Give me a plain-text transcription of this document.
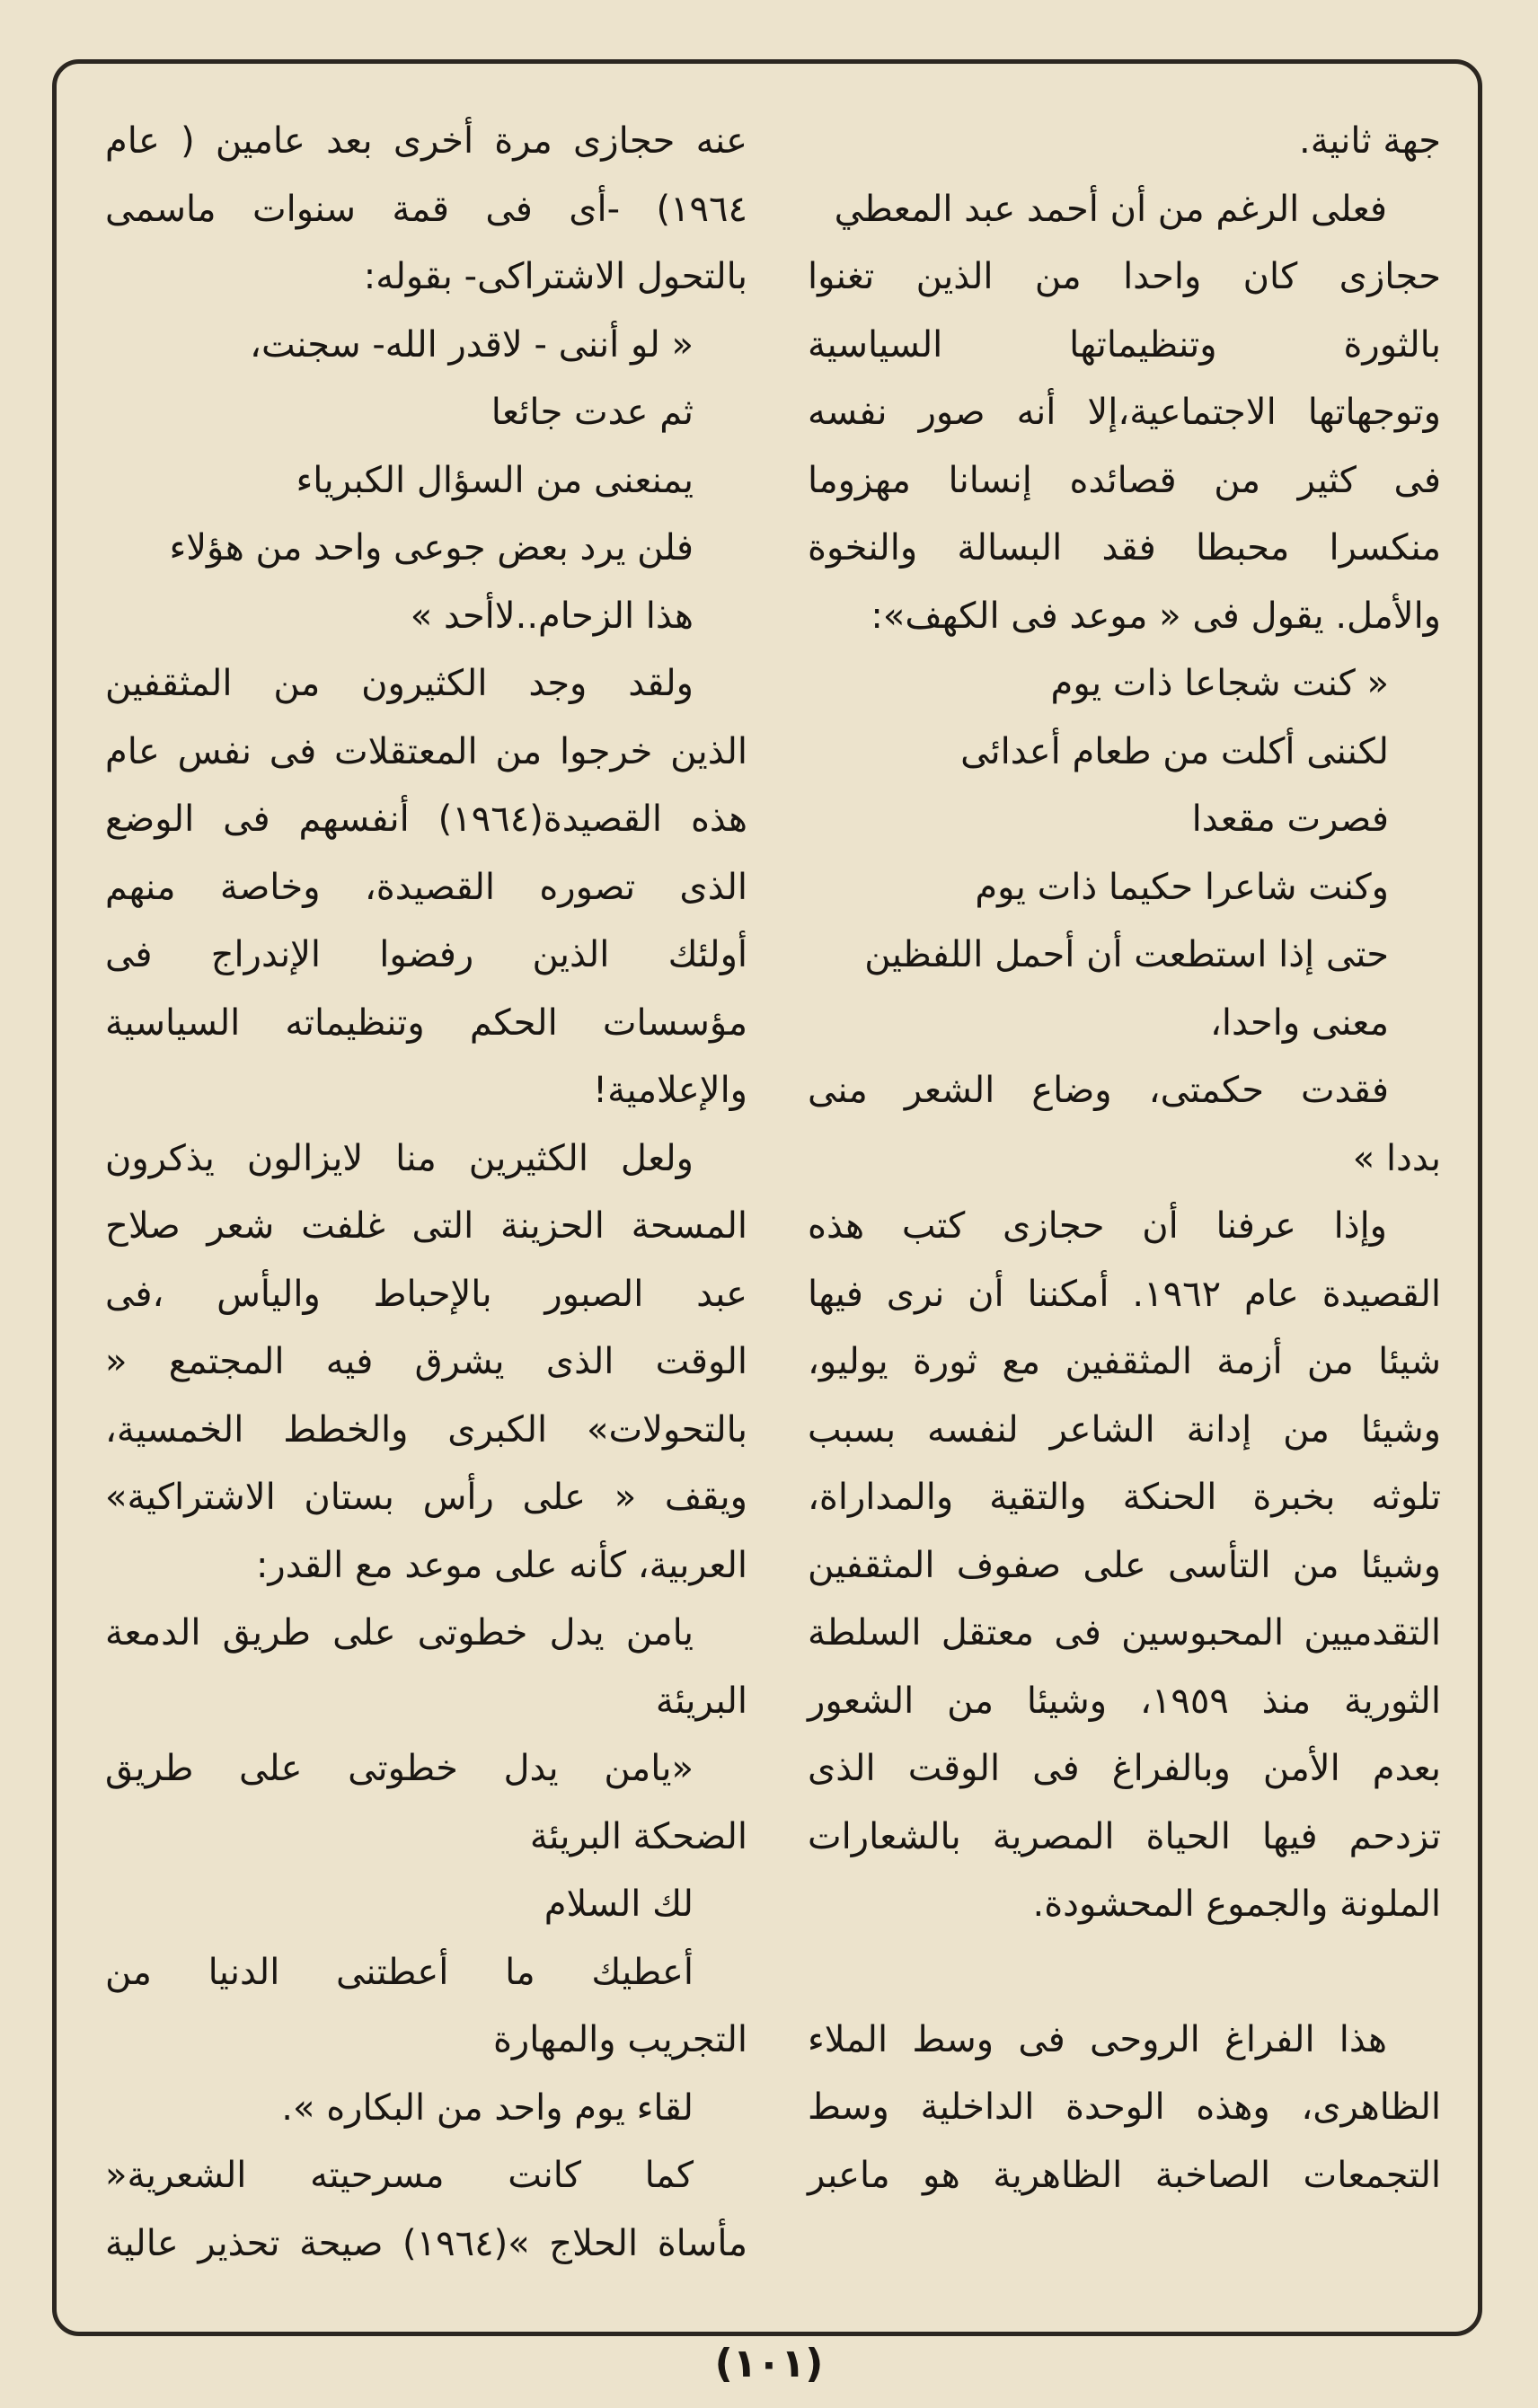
جهة ثانية.

فعلى الرغم من أن أحمد عبد المعطي

حجازى كان واحدا من الذين تغنوا

بالثورة وتنظيماتها السياسية

وتوجهاتها الاجتماعية،إلا أنه صور نفسه

فى كثير من قصائده إنسانا مهزوما

منكسرا محبطا فقد البسالة والنخوة

والأمل. يقول فى « موعد فى الكهف»:

« كنت شجاعا ذات يوم

لكننى أكلت من طعام أعدائى

فصرت مقعدا

وكنت شاعرا حكيما ذات يوم

حتى إذا استطعت أن أحمل اللفظين

معنى واحدا،

فقدت حكمتى، وضاع الشعر منى

بددا »

وإذا عرفنا أن حجازى كتب هذه

القصيدة عام ١٩٦٢. أمكننا أن نرى فيها

شيئا من أزمة المثقفين مع ثورة يوليو،

وشيئا من إدانة الشاعر لنفسه بسبب

تلوثه بخبرة الحنكة والتقية والمداراة،

وشيئا من التأسى على صفوف المثقفين

التقدميين المحبوسين فى معتقل السلطة

الثورية منذ ١٩٥٩، وشيئا من الشعور

بعدم الأمن وبالفراغ فى الوقت الذى

تزدحم فيها الحياة المصرية بالشعارات

الملونة والجموع المحشودة.

هذا الفراغ الروحى فى وسط الملاء

الظاهرى، وهذه الوحدة الداخلية وسط

التجمعات الصاخبة الظاهرية هو ماعبر

عنه حجازى مرة أخرى بعد عامين ( عام

١٩٦٤) -أى فى قمة سنوات ماسمى

بالتحول الاشتراكى- بقوله:

« لو أننى - لاقدر الله- سجنت،

ثم عدت جائعا

يمنعنى من السؤال الكبرياء

فلن يرد بعض جوعى واحد من هؤلاء

هذا الزحام..لاأحد »

ولقد وجد الكثيرون من المثقفين

الذين خرجوا من المعتقلات فى نفس عام

هذه القصيدة(١٩٦٤) أنفسهم فى الوضع

الذى تصوره القصيدة، وخاصة منهم

أولئك الذين رفضوا الإندراج فى

مؤسسات الحكم وتنظيماته السياسية

والإعلامية!

ولعل الكثيرين منا لايزالون يذكرون

المسحة الحزينة التى غلفت شعر صلاح

عبد الصبور بالإحباط واليأس ،فى

الوقت الذى يشرق فيه المجتمع «

بالتحولات» الكبرى والخطط الخمسية،

ويقف « على رأس بستان الاشتراكية»

العربية، كأنه على موعد مع القدر:

يامن يدل خطوتى على طريق الدمعة

البريئة

«يامن يدل خطوتى على طريق

الضحكة البريئة

لك السلام

أعطيك ما أعطتنى الدنيا من

التجريب والمهارة

لقاء يوم واحد من البكاره ».

كما كانت مسرحيته الشعرية«

مأساة الحلاج »(١٩٦٤) صيحة تحذير عالية

(١٠١)
